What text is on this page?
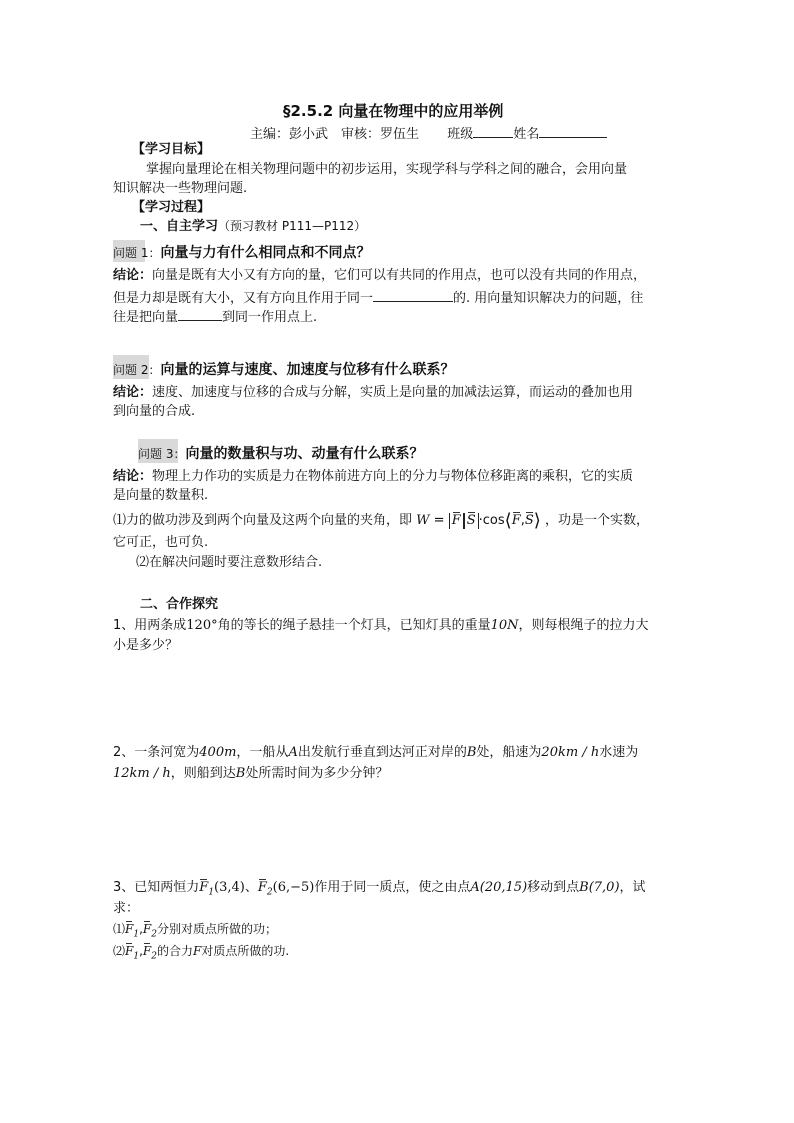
§2.5.2 向量在物理中的应用举例
主编：彭小武　审核：罗伍生 班级	姓名
【学习目标】
掌握向量理论在相关物理问题中的初步运用，实现学科与学科之间的融合，会用向量
知识解决一些物理问题.
【学习过程】
一、自主学习（预习教材 P111—P112）
问题 1：向量与力有什么相同点和不同点？
结论：向量是既有大小又有方向的量，它们可以有共同的作用点，也可以没有共同的作用点，
但是力却是既有大小，又有方向且作用于同一	的. 用向量知识解决力的问题，往
往是把向量	到同一作用点上.
问题 2：向量的运算与速度、加速度与位移有什么联系？
结论：速度、加速度与位移的合成与分解，实质上是向量的加减法运算，而运动的叠加也用
到向量的合成.
问题 3：向量的数量积与功、动量有什么联系？
结论：物理上力作功的实质是力在物体前进方向上的分力与物体位移距离的乘积，它的实质
是向量的数量积.
⑴力的做功涉及到两个向量及这两个向量的夹角，即 W = F S ·cos⟨F,S⟩ ，功是一个实数，
它可正，也可负.
⑵在解决问题时要注意数形结合.
二、合作探究
1、用两条成120°角的等长的绳子悬挂一个灯具，已知灯具的重量10N，则每根绳子的拉力大
小是多少？
2、一条河宽为400m，一船从A出发航行垂直到达河正对岸的B处，船速为20km / h水速为
12km / h，则船到达B处所需时间为多少分钟？
3、已知两恒力$F_1(3,4)$、$F_2(6,-5)$作用于同一质点，使之由点A(20,15)移动到点B(7,0)，试
求：
$⑴F_1,F_2$分别对质点所做的功；
$⑵F_1,F_2$的合力F对质点所做的功.
